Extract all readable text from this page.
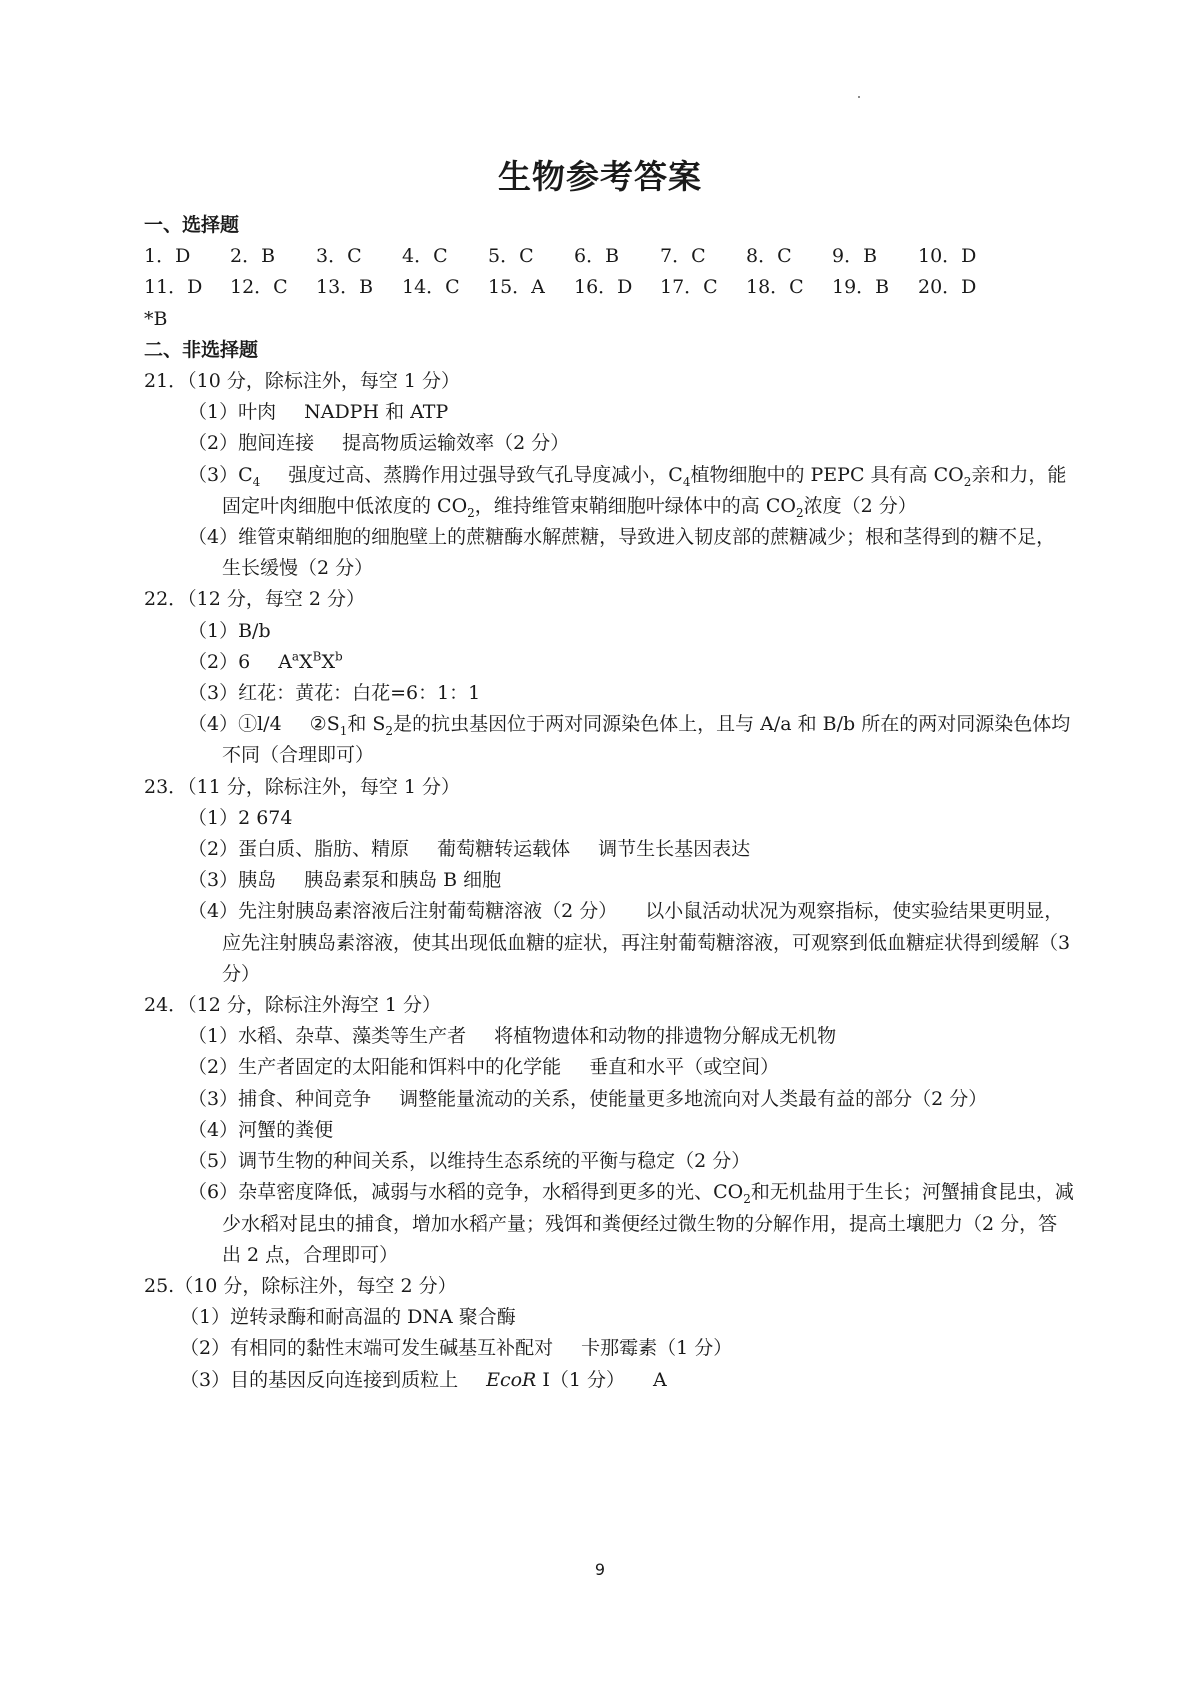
生物参考答案
一、选择题
1．D	2．B	3．C	4．C	5．C	6．B	7．C	8．C	9．B	10．D
11．D	12．C	13．B	14．C	15．A	16．D	17．C	18．C	19．B	20．D
*B
二、非选择题
21．（10 分，除标注外，每空 1 分）
（1）叶肉 NADPH 和 ATP
（2）胞间连接 提高物质运输效率（2 分）
$(3)C_4$ 强度过高、蒸腾作用过强导致气孔导度减小，$C_4$植物细胞中的 PEPC 具有高 $CO_2$亲和力，能固定叶肉细胞中低浓度的 $CO_2$，维持维管束鞘细胞叶绿体中的高 $CO_2$浓度（2 分）
（4）维管束鞘细胞的细胞壁上的蔗糖酶水解蔗糖，导致进入韧皮部的蔗糖减少；根和茎得到的糖不足，生长缓慢（2 分）
22．（12 分，每空 2 分）
（1）B/b
（2）6 $A^aX^BX^b$
（3）红花：黄花：白花=6：1：1
（4）①l/4 $②S_1$和 $S_2$是的抗虫基因位于两对同源染色体上，且与 A/a 和 B/b 所在的两对同源染色体均不同（合理即可）
23．（11 分，除标注外，每空 1 分）
（1）2 674
（2）蛋白质、脂肪、精原 葡萄糖转运载体 调节生长基因表达
（3）胰岛 胰岛素泵和胰岛 B 细胞
（4）先注射胰岛素溶液后注射葡萄糖溶液（2 分） 以小鼠活动状况为观察指标，使实验结果更明显，应先注射胰岛素溶液，使其出现低血糖的症状，再注射葡萄糖溶液，可观察到低血糖症状得到缓解（3 分）
24．（12 分，除标注外海空 1 分）
（1）水稻、杂草、藻类等生产者 将植物遗体和动物的排遗物分解成无机物
（2）生产者固定的太阳能和饵料中的化学能 垂直和水平（或空间）
（3）捕食、种间竞争 调整能量流动的关系，使能量更多地流向对人类最有益的部分（2 分）
（4）河蟹的粪便
（5）调节生物的种间关系，以维持生态系统的平衡与稳定（2 分）
（6）杂草密度降低，减弱与水稻的竞争，水稻得到更多的光、$CO_2$和无机盐用于生长；河蟹捕食昆虫，减少水稻对昆虫的捕食，增加水稻产量；残饵和粪便经过微生物的分解作用，提高土壤肥力（2 分，答出 2 点，合理即可）
25.（10 分，除标注外，每空 2 分）
（1）逆转录酶和耐高温的 DNA 聚合酶
（2）有相同的黏性末端可发生碱基互补配对 卡那霉素（1 分）
（3）目的基因反向连接到质粒上 EcoR I（1 分） A
9
